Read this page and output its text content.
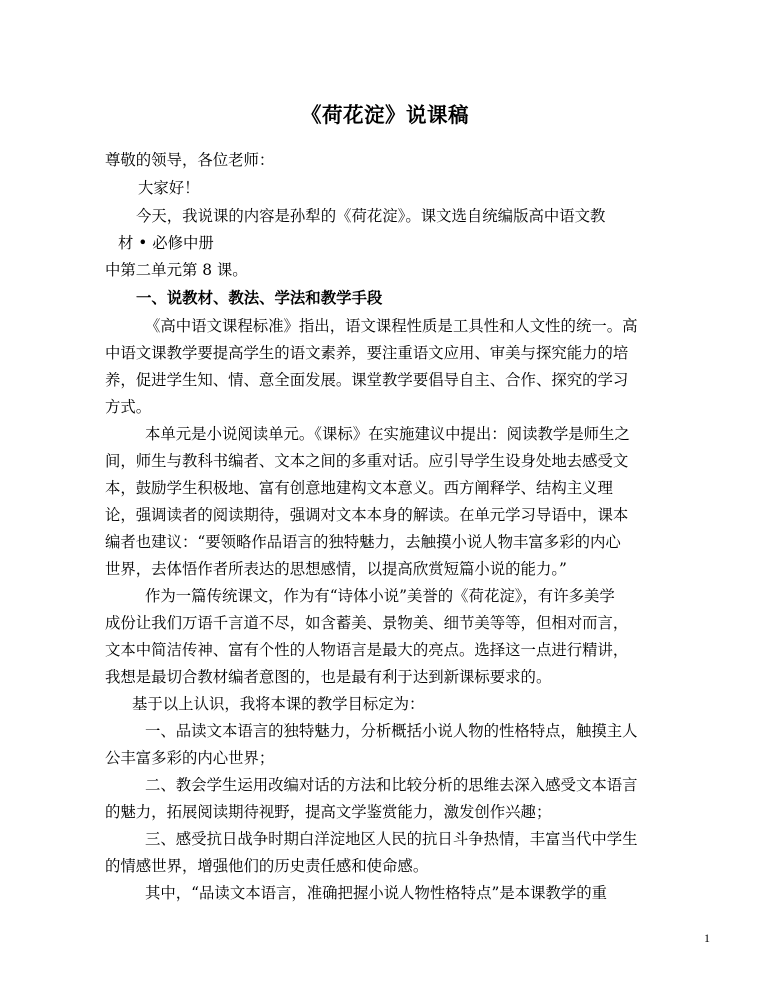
《荷花淀》说课稿
尊敬的领导，各位老师：
大家好！
今天，我说课的内容是孙犁的《荷花淀》。课文选自统编版高中语文教
材 • 必修中册
中第二单元第 8 课。
一、说教材、教法、学法和教学手段
《高中语文课程标准》指出，语文课程性质是工具性和人文性的统一。高
中语文课教学要提高学生的语文素养，要注重语文应用、审美与探究能力的培
养，促进学生知、情、意全面发展。课堂教学要倡导自主、合作、探究的学习
方式。
本单元是小说阅读单元。《课标》在实施建议中提出：阅读教学是师生之
间，师生与教科书编者、文本之间的多重对话。应引导学生设身处地去感受文
本，鼓励学生积极地、富有创意地建构文本意义。西方阐释学、结构主义理
论，强调读者的阅读期待，强调对文本本身的解读。在单元学习导语中，课本
编者也建议：“要领略作品语言的独特魅力，去触摸小说人物丰富多彩的内心
世界，去体悟作者所表达的思想感情，以提高欣赏短篇小说的能力。”
作为一篇传统课文，作为有“诗体小说”美誉的《荷花淀》，有许多美学
成份让我们万语千言道不尽，如含蓄美、景物美、细节美等等，但相对而言，
文本中简洁传神、富有个性的人物语言是最大的亮点。选择这一点进行精讲，
我想是最切合教材编者意图的，也是最有利于达到新课标要求的。
基于以上认识，我将本课的教学目标定为：
一、品读文本语言的独特魅力，分析概括小说人物的性格特点，触摸主人
公丰富多彩的内心世界；
二、教会学生运用改编对话的方法和比较分析的思维去深入感受文本语言
的魅力，拓展阅读期待视野，提高文学鉴赏能力，激发创作兴趣；
三、感受抗日战争时期白洋淀地区人民的抗日斗争热情，丰富当代中学生
的情感世界，增强他们的历史责任感和使命感。
其中，“品读文本语言，准确把握小说人物性格特点”是本课教学的重
1
